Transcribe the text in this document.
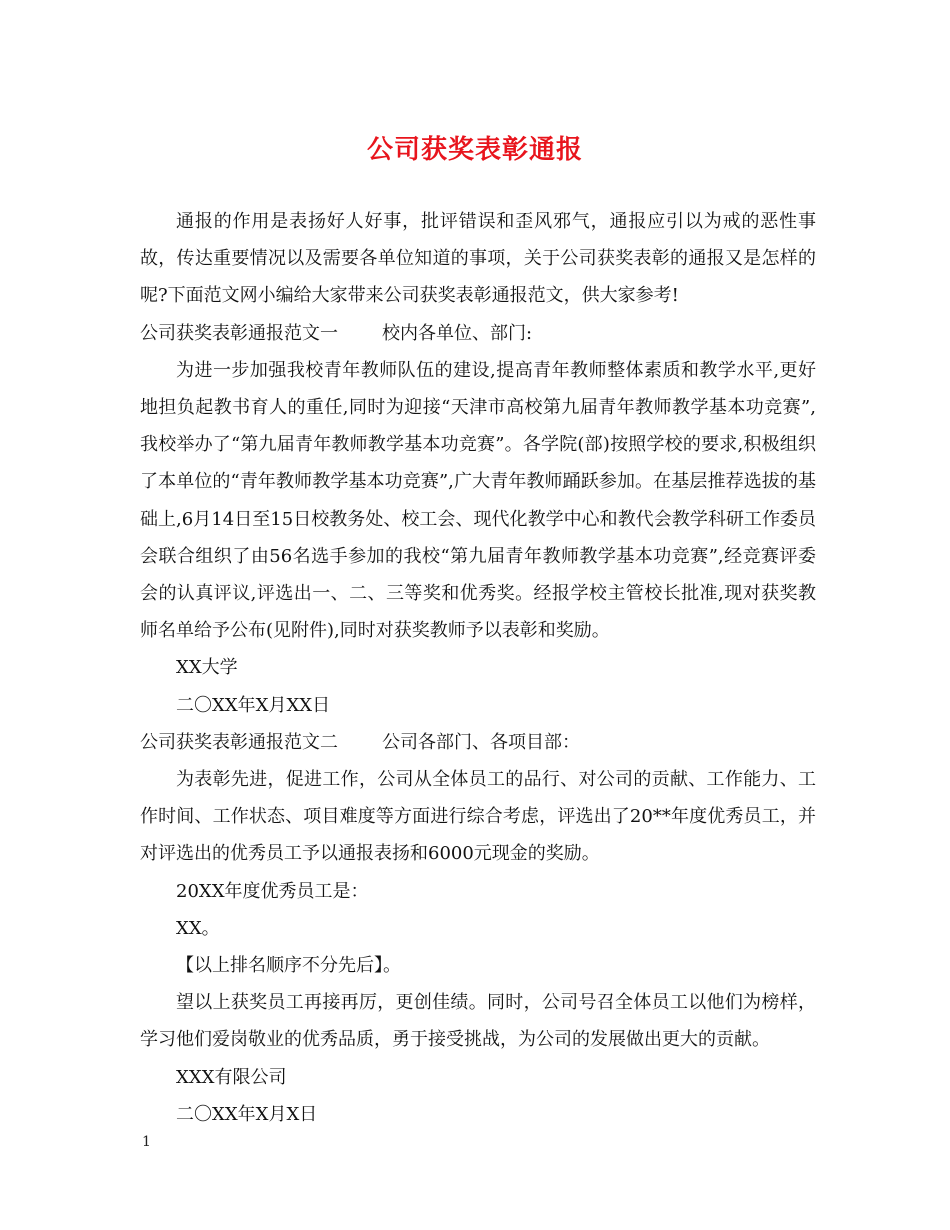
公司获奖表彰通报

通报的作用是表扬好人好事，批评错误和歪风邪气，通报应引以为戒的恶性事故，传达重要情况以及需要各单位知道的事项，关于公司获奖表彰的通报又是怎样的呢?下面范文网小编给大家带来公司获奖表彰通报范文，供大家参考!

公司获奖表彰通报范文一 校内各单位、部门:

为进一步加强我校青年教师队伍的建设,提高青年教师整体素质和教学水平,更好地担负起教书育人的重任,同时为迎接“天津市高校第九届青年教师教学基本功竞赛”,我校举办了“第九届青年教师教学基本功竞赛”。各学院(部)按照学校的要求,积极组织了本单位的“青年教师教学基本功竞赛”,广大青年教师踊跃参加。在基层推荐选拔的基础上,6月14日至15日校教务处、校工会、现代化教学中心和教代会教学科研工作委员会联合组织了由56名选手参加的我校“第九届青年教师教学基本功竞赛”,经竞赛评委会的认真评议,评选出一、二、三等奖和优秀奖。经报学校主管校长批准,现对获奖教师名单给予公布(见附件),同时对获奖教师予以表彰和奖励。

XX大学

二〇XX年X月XX日

公司获奖表彰通报范文二 公司各部门、各项目部：

为表彰先进，促进工作，公司从全体员工的品行、对公司的贡献、工作能力、工作时间、工作状态、项目难度等方面进行综合考虑，评选出了20**年度优秀员工，并对评选出的优秀员工予以通报表扬和6000元现金的奖励。

20XX年度优秀员工是：

XX。

【以上排名顺序不分先后】。

望以上获奖员工再接再厉，更创佳绩。同时，公司号召全体员工以他们为榜样，学习他们爱岗敬业的优秀品质，勇于接受挑战，为公司的发展做出更大的贡献。

XXX有限公司

二〇XX年X月X日

1
